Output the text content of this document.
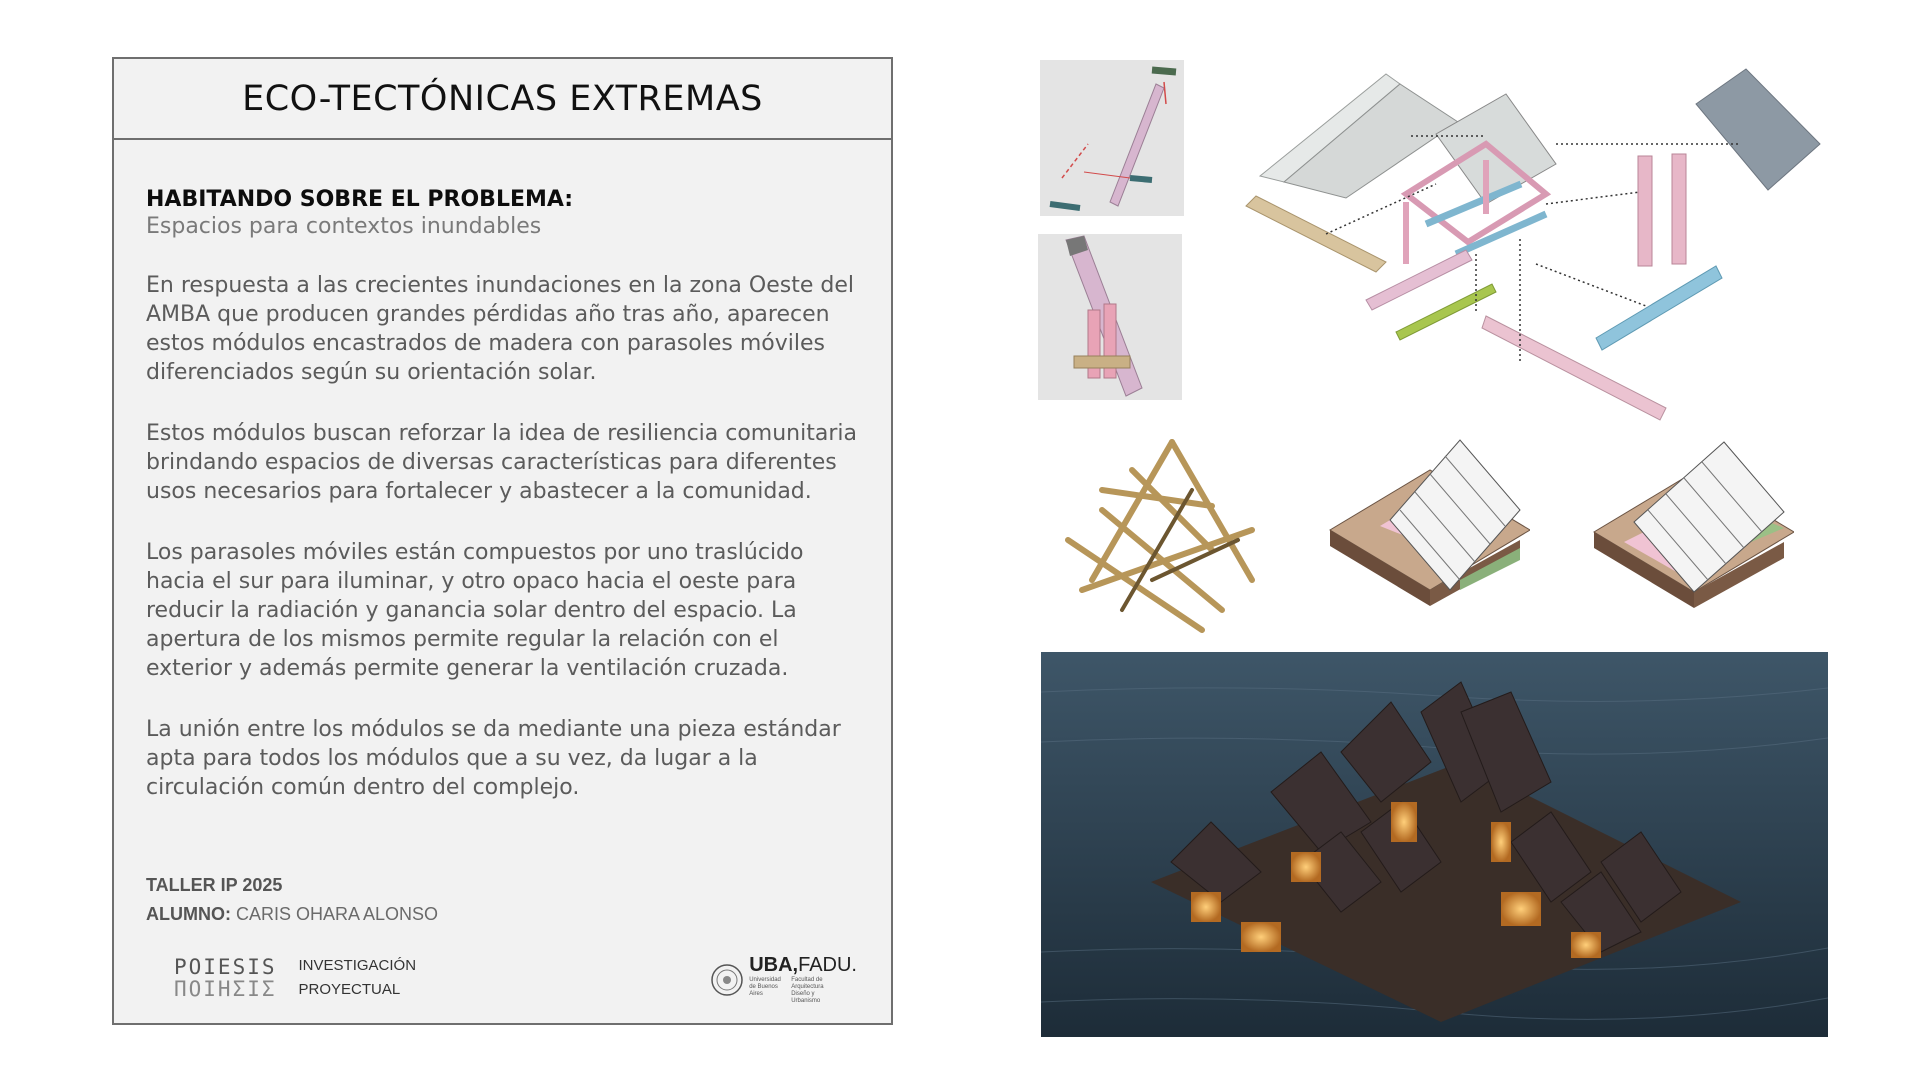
ECO-TECTÓNICAS EXTREMAS
HABITANDO SOBRE EL PROBLEMA:
Espacios para contextos inundables

En respuesta a las crecientes inundaciones en la zona Oeste del AMBA que producen grandes pérdidas año tras año, aparecen estos módulos encastrados de madera con parasoles móviles diferenciados según su orientación solar.

Estos módulos buscan reforzar la idea de resiliencia comunitaria brindando espacios de diversas características para diferentes usos necesarios para fortalecer y abastecer a la comunidad.

Los parasoles móviles están compuestos por uno traslúcido hacia el sur para iluminar, y otro opaco hacia el oeste para reducir la radiación y ganancia solar dentro del espacio. La apertura de los mismos permite regular la relación con el exterior y además permite generar la ventilación cruzada.

La unión entre los módulos se da mediante una pieza estándar apta para todos los módulos que a su vez, da lugar a la circulación común dentro del complejo.

TALLER IP 2025
ALUMNO: CARIS OHARA ALONSO
POIESIS
ΠΟΙΗΣΙΣ
INVESTIGACIÓN
PROYECTUAL
UBA,FADU.
Universidad de Buenos Aires
Facultad de Arquitectura Diseño y Urbanismo
